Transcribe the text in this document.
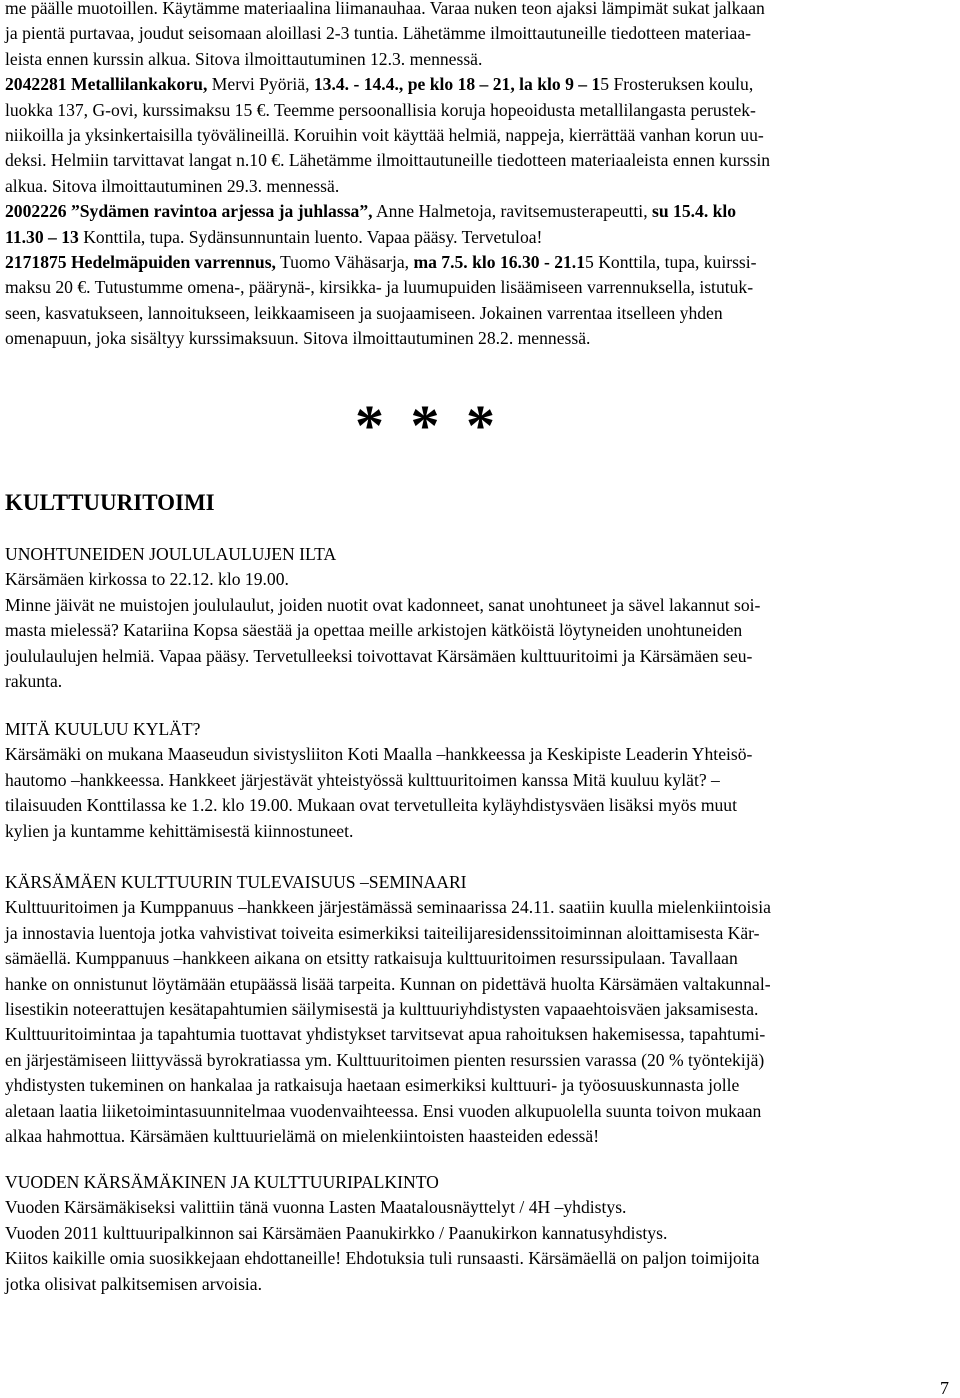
me päälle muotoillen. Käytämme materiaalina liimanauhaa. Varaa nuken teon ajaksi lämpimät sukat jalkaan
ja pientä purtavaa, joudut seisomaan aloillasi 2-3 tuntia. Lähetämme ilmoittautuneille tiedotteen materiaa-
leista ennen kurssin alkua. Sitova ilmoittautuminen 12.3. mennessä.
2042281 Metallilankakoru, Mervi Pyöriä, 13.4. - 14.4., pe klo 18 – 21, la klo 9 – 15 Frosteruksen koulu,
luokka 137, G-ovi, kurssimaksu 15 €. Teemme persoonallisia koruja hopeoidusta metallilangasta perustek-
niikoilla ja yksinkertaisilla työvälineillä. Koruihin voit käyttää helmiä, nappeja, kierrättää vanhan korun uu-
deksi. Helmiin tarvittavat langat n.10 €. Lähetämme ilmoittautuneille tiedotteen materiaaleista ennen kurssin
alkua. Sitova ilmoittautuminen 29.3. mennessä.
2002226 ”Sydämen ravintoa arjessa ja juhlassa”, Anne Halmetoja, ravitsemusterapeutti, su 15.4. klo
11.30 – 13 Konttila, tupa. Sydänsunnuntain luento. Vapaa pääsy. Tervetuloa!
2171875 Hedelmäpuiden varrennus, Tuomo Vähäsarja, ma 7.5. klo 16.30 - 21.15 Konttila, tupa, kuirssi-
maksu 20 €. Tutustumme omena-, päärynä-, kirsikka- ja luumupuiden lisäämiseen varrennuksella, istutuk-
seen, kasvatukseen, lannoitukseen, leikkaamiseen ja suojaamiseen. Jokainen varrentaa itselleen yhden
omenapuun, joka sisältyy kurssimaksuun. Sitova ilmoittautuminen 28.2. mennessä.
* * *
KULTTUURITOIMI
UNOHTUNEIDEN JOULULAULUJEN ILTA
Kärsämäen kirkossa to 22.12. klo 19.00.
Minne jäivät ne muistojen joululaulut, joiden nuotit ovat kadonneet, sanat unohtuneet ja sävel lakannut soi-
masta mielessä? Katariina Kopsa säestää ja opettaa meille arkistojen kätköistä löytyneiden unohtuneiden
joululaulujen helmiä. Vapaa pääsy. Tervetulleeksi toivottavat Kärsämäen kulttuuritoimi ja Kärsämäen seu-
rakunta.
MITÄ KUULUU KYLÄT?
Kärsämäki on mukana Maaseudun sivistysliiton Koti Maalla –hankkeessa ja Keskipiste Leaderin Yhteisö-
hautomo –hankkeessa. Hankkeet järjestävät yhteistyössä kulttuuritoimen kanssa Mitä kuuluu kylät? –
tilaisuuden Konttilassa ke 1.2. klo 19.00. Mukaan ovat tervetulleita kyläyhdistysväen lisäksi myös muut
kylien ja kuntamme kehittämisestä kiinnostuneet.
KÄRSÄMÄEN KULTTUURIN TULEVAISUUS –SEMINAARI
Kulttuuritoimen ja Kumppanuus –hankkeen järjestämässä seminaarissa 24.11. saatiin kuulla mielenkiintoisia
ja innostavia luentoja jotka vahvistivat toiveita esimerkiksi taiteilijaresidenssitoiminnan aloittamisesta Kär-
sämäellä. Kumppanuus –hankkeen aikana on etsitty ratkaisuja kulttuuritoimen resurssipulaan. Tavallaan
hanke on onnistunut löytämään etupäässä lisää tarpeita. Kunnan on pidettävä huolta Kärsämäen valtakunnal-
lisestikin noteerattujen kesätapahtumien säilymisestä ja kulttuuriyhdistysten vapaaehtoisväen jaksamisesta.
Kulttuuritoimintaa ja tapahtumia tuottavat yhdistykset tarvitsevat apua rahoituksen hakemisessa, tapahtumi-
en järjestämiseen liittyvässä byrokratiassa ym. Kulttuuritoimen pienten resurssien varassa (20 % työntekijä)
yhdistysten tukeminen on hankalaa ja ratkaisuja haetaan esimerkiksi kulttuuri- ja työosuuskunnasta jolle
aletaan laatia liiketoimintasuunnitelmaa vuodenvaihteessa. Ensi vuoden alkupuolella suunta toivon mukaan
alkaa hahmottua. Kärsämäen kulttuurielämä on mielenkiintoisten haasteiden edessä!
VUODEN KÄRSÄMÄKINEN JA KULTTUURIPALKINTO
Vuoden Kärsämäkiseksi valittiin tänä vuonna Lasten Maatalousnäyttelyt / 4H –yhdistys.
Vuoden 2011 kulttuuripalkinnon sai Kärsämäen Paanukirkko / Paanukirkon kannatusyhdistys.
Kiitos kaikille omia suosikkejaan ehdottaneille! Ehdotuksia tuli runsaasti. Kärsämäellä on paljon toimijoita
jotka olisivat palkitsemisen arvoisia.
7
